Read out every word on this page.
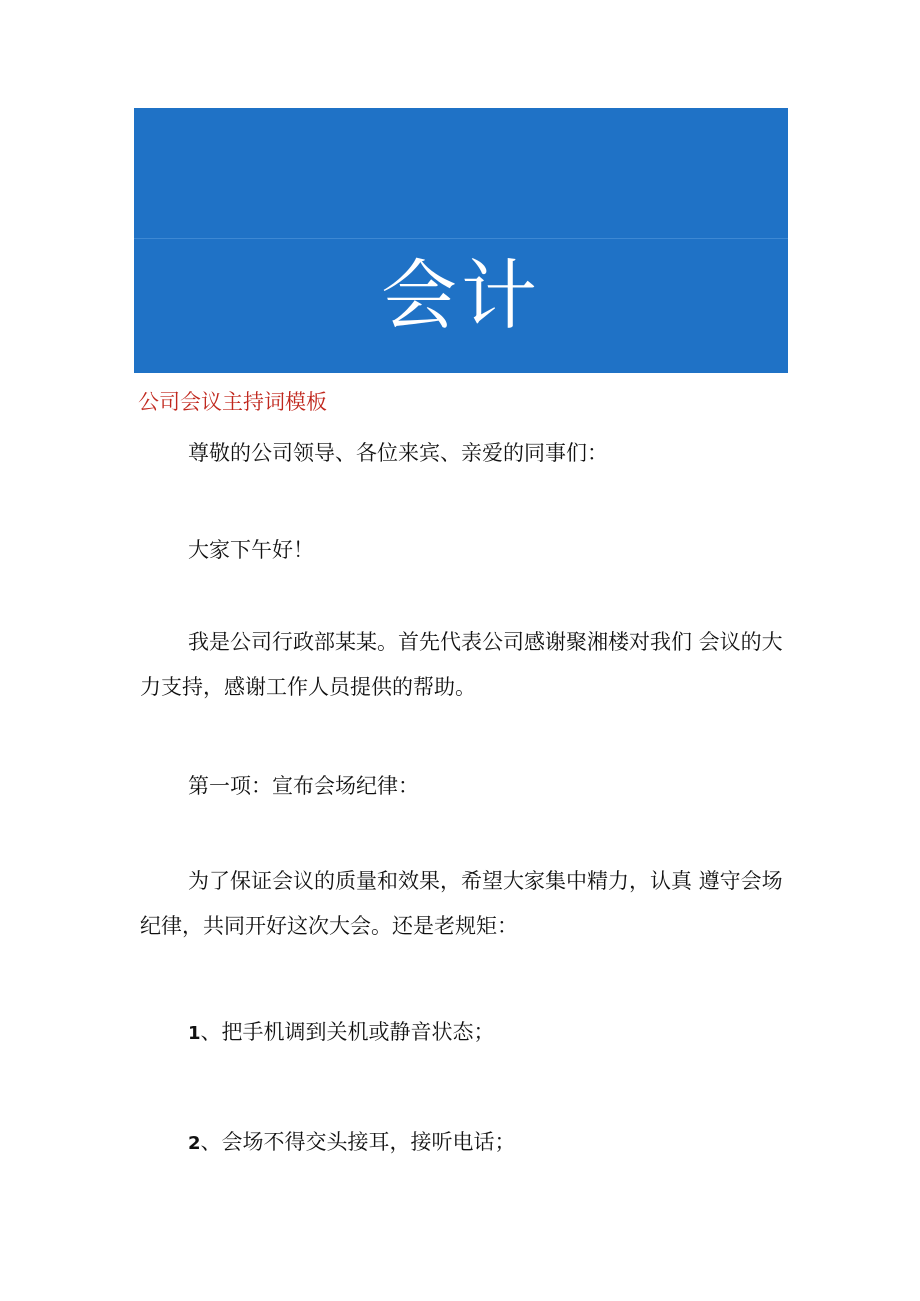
会计
实务
公司会议主持词模板

尊敬的公司领导、各位来宾、亲爱的同事们：

大家下午好！

我是公司行政部某某。首先代表公司感谢聚湘楼对我们 会议的大力支持，感谢工作人员提供的帮助。

第一项：宣布会场纪律：

为了保证会议的质量和效果，希望大家集中精力，认真 遵守会场纪律，共同开好这次大会。还是老规矩：

1、把手机调到关机或静音状态；

2、会场不得交头接耳，接听电话；
